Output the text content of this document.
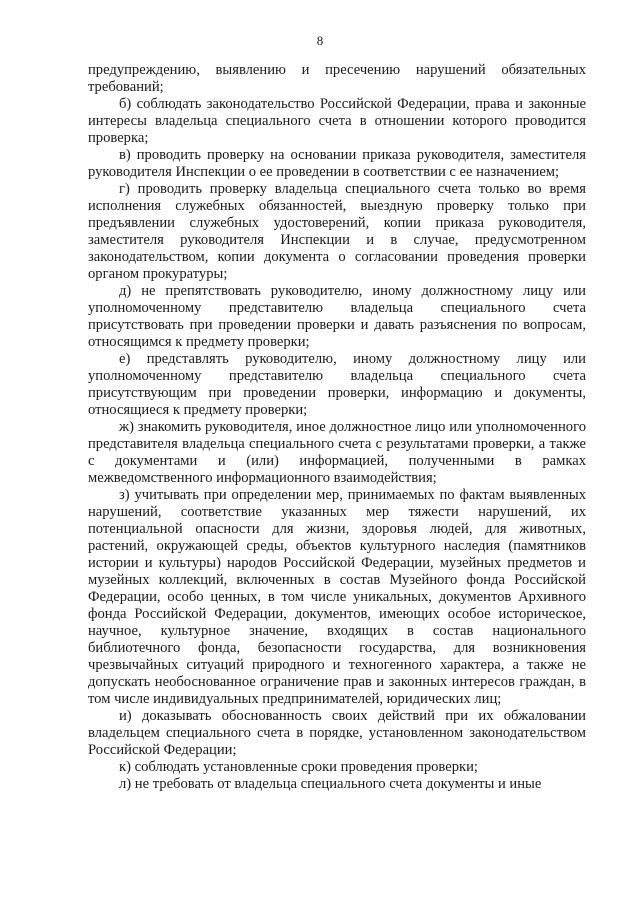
8

предупреждению, выявлению и пресечению нарушений обязательных требований;

б) соблюдать законодательство Российской Федерации, права и законные интересы владельца специального счета в отношении которого проводится проверка;

в) проводить проверку на основании приказа руководителя, заместителя руководителя Инспекции о ее проведении в соответствии с ее назначением;

г) проводить проверку владельца специального счета только во время исполнения служебных обязанностей, выездную проверку только при предъявлении служебных удостоверений, копии приказа руководителя, заместителя руководителя Инспекции и в случае, предусмотренном законодательством, копии документа о согласовании проведения проверки органом прокуратуры;

д) не препятствовать руководителю, иному должностному лицу или уполномоченному представителю владельца специального счета присутствовать при проведении проверки и давать разъяснения по вопросам, относящимся к предмету проверки;

е) представлять руководителю, иному должностному лицу или уполномоченному представителю владельца специального счета присутствующим при проведении проверки, информацию и документы, относящиеся к предмету проверки;

ж) знакомить руководителя, иное должностное лицо или уполномоченного представителя владельца специального счета с результатами проверки, а также с документами и (или) информацией, полученными в рамках межведомственного информационного взаимодействия;

з) учитывать при определении мер, принимаемых по фактам выявленных нарушений, соответствие указанных мер тяжести нарушений, их потенциальной опасности для жизни, здоровья людей, для животных, растений, окружающей среды, объектов культурного наследия (памятников истории и культуры) народов Российской Федерации, музейных предметов и музейных коллекций, включенных в состав Музейного фонда Российской Федерации, особо ценных, в том числе уникальных, документов Архивного фонда Российской Федерации, документов, имеющих особое историческое, научное, культурное значение, входящих в состав национального библиотечного фонда, безопасности государства, для возникновения чрезвычайных ситуаций природного и техногенного характера, а также не допускать необоснованное ограничение прав и законных интересов граждан, в том числе индивидуальных предпринимателей, юридических лиц;

и) доказывать обоснованность своих действий при их обжаловании владельцем специального счета в порядке, установленном законодательством Российской Федерации;

к) соблюдать установленные сроки проведения проверки;

л) не требовать от владельца специального счета документы и иные
